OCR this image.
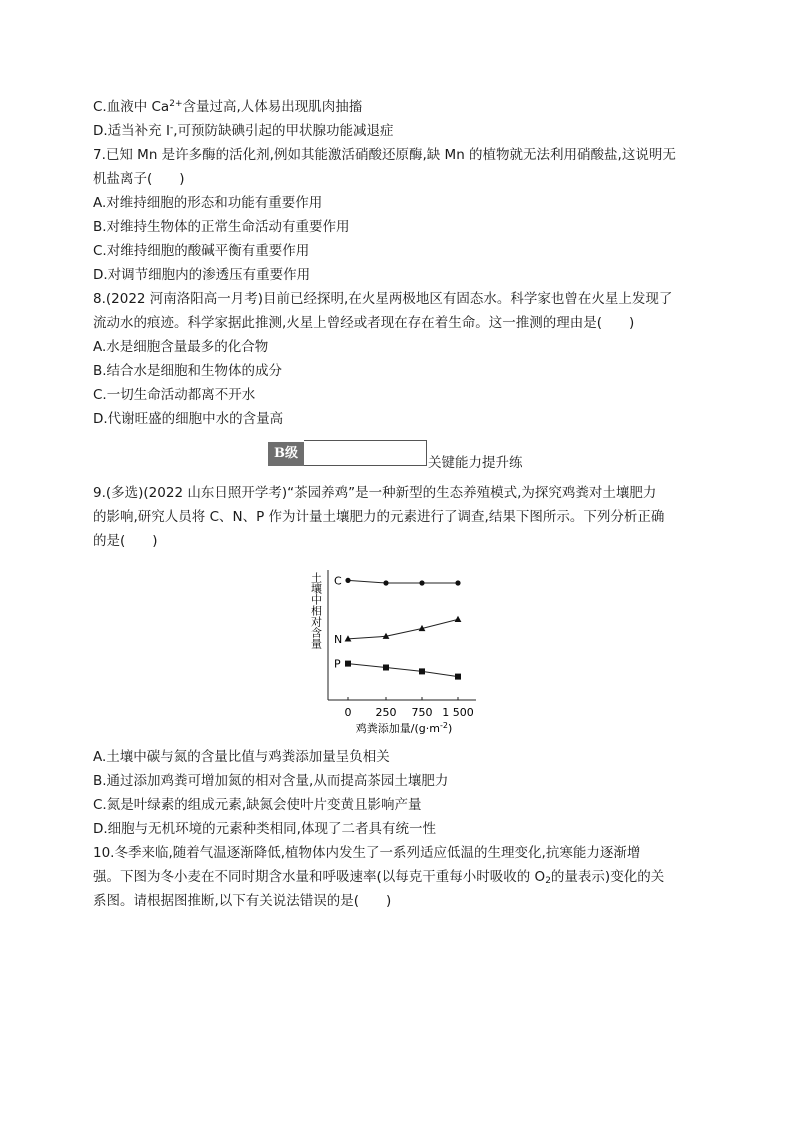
C.血液中 $Ca^{2+}$含量过高,人体易出现肌肉抽搐
D.适当补充 I-,可预防缺碘引起的甲状腺功能减退症
7.已知 Mn 是许多酶的活化剂,例如其能激活硝酸还原酶,缺 Mn 的植物就无法利用硝酸盐,这说明无
机盐离子(　　)
A.对维持细胞的形态和功能有重要作用
B.对维持生物体的正常生命活动有重要作用
C.对维持细胞的酸碱平衡有重要作用
D.对调节细胞内的渗透压有重要作用
8.(2022 河南洛阳高一月考)目前已经探明,在火星两极地区有固态水。科学家也曾在火星上发现了
流动水的痕迹。科学家据此推测,火星上曾经或者现在存在着生命。这一推测的理由是(　　)
A.水是细胞含量最多的化合物
B.结合水是细胞和生物体的成分
C.一切生命活动都离不开水
D.代谢旺盛的细胞中水的含量高
B级
关键能力提升练
9.(多选)(2022 山东日照开学考)“茶园养鸡”是一种新型的生态养殖模式,为探究鸡粪对土壤肥力
的影响,研究人员将 C、N、P 作为计量土壤肥力的元素进行了调查,结果下图所示。下列分析正确
的是(　　)
0 250 750 1 500
土壤中相对含量
鸡粪添加量$/(g\cdot m^{-2})$
C
N
P
A.土壤中碳与氮的含量比值与鸡粪添加量呈负相关
B.通过添加鸡粪可增加氮的相对含量,从而提高茶园土壤肥力
C.氮是叶绿素的组成元素,缺氮会使叶片变黄且影响产量
D.细胞与无机环境的元素种类相同,体现了二者具有统一性
10.冬季来临,随着气温逐渐降低,植物体内发生了一系列适应低温的生理变化,抗寒能力逐渐增
强。下图为冬小麦在不同时期含水量和呼吸速率(以每克干重每小时吸收的 $O_2$的量表示)变化的关
系图。请根据图推断,以下有关说法错误的是(　　)
